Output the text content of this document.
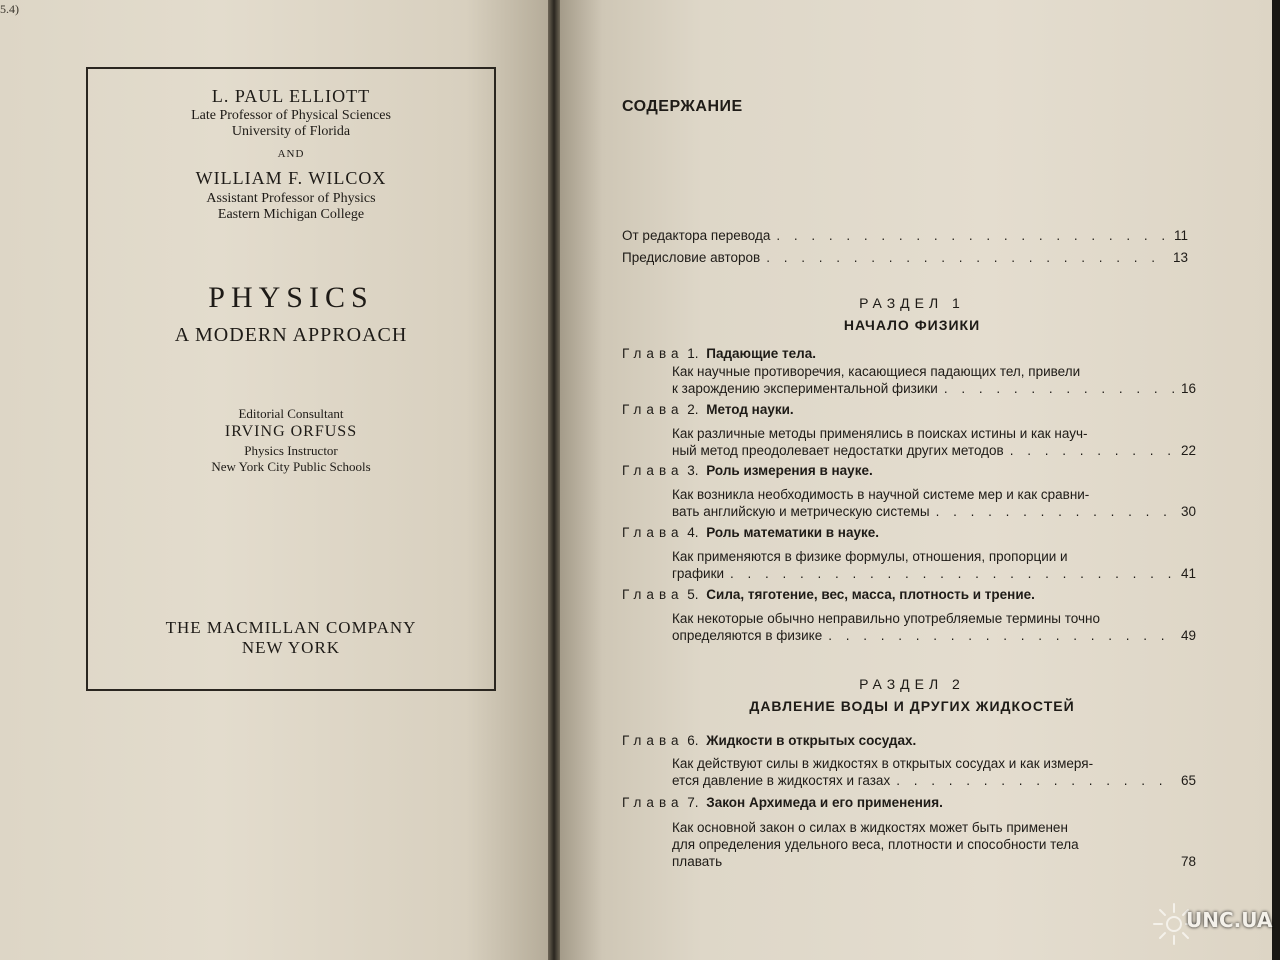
5.4)

L. PAUL ELLIOTT

Late Professor of Physical Sciences

University of Florida

AND

WILLIAM F. WILCOX

Assistant Professor of Physics

Eastern Michigan College

PHYSICS

A MODERN APPROACH

Editorial Consultant

IRVING ORFUSS

Physics Instructor

New York City Public Schools

THE MACMILLAN COMPANY

NEW YORK

СОДЕРЖАНИЕ

От редактора перевода . . .	11
Предисловие авторов . . .	13

РАЗДЕЛ 1

НАЧАЛО ФИЗИКИ

Глава 1. Падающие тела.

Как научные противоречия, касающиеся падающих тел, привели

к зарождению экспериментальной физики . . .	16

Глава 2. Метод науки.

Как различные методы применялись в поисках истины и как науч-

ный метод преодолевает недостатки других методов . . .	22

Глава 3. Роль измерения в науке.

Как возникла необходимость в научной системе мер и как сравни-

вать английскую и метрическую системы . . .	30

Глава 4. Роль математики в науке.

Как применяются в физике формулы, отношения, пропорции и

графики . . .	41

Глава 5. Сила, тяготение, вес, масса, плотность и трение.

Как некоторые обычно неправильно употребляемые термины точно

определяются в физике . . .	49

РАЗДЕЛ 2

ДАВЛЕНИЕ ВОДЫ И ДРУГИХ ЖИДКОСТЕЙ

Глава 6. Жидкости в открытых сосудах.

Как действуют силы в жидкостях в открытых сосудах и как измеря-

ется давление в жидкостях и газах . . .	65

Глава 7. Закон Архимеда и его применения.

Как основной закон о силах в жидкостях может быть применен

для определения удельного веса, плотности и способности тела

плавать	78
UNC.UA
